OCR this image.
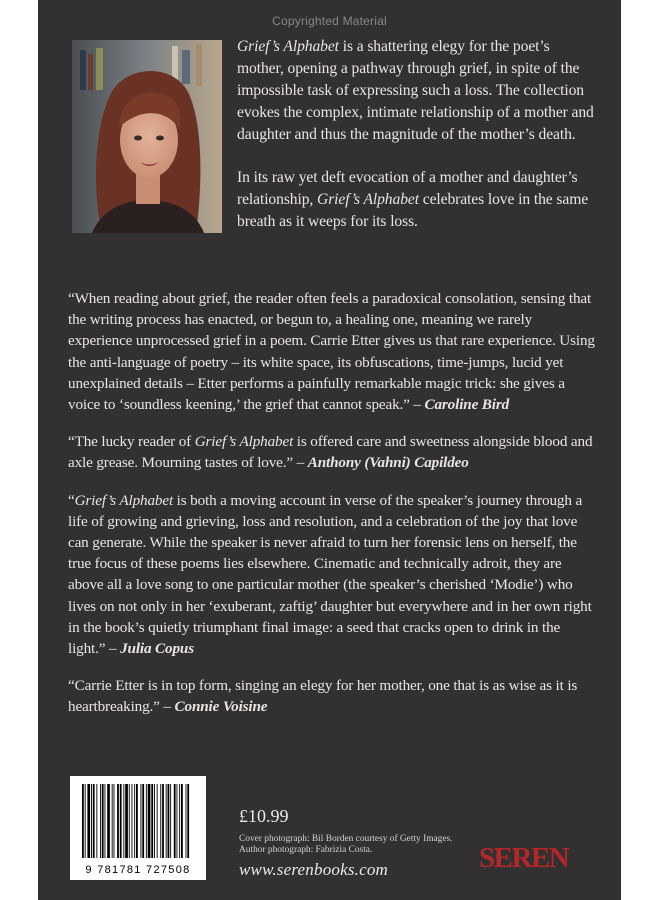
Copyrighted Material

Grief’s Alphabet is a shattering elegy for the poet’s mother, opening a pathway through grief, in spite of the impossible task of expressing such a loss. The collection evokes the complex, intimate relationship of a mother and daughter and thus the magnitude of the mother’s death.

In its raw yet deft evocation of a mother and daughter’s relationship, Grief’s Alphabet celebrates love in the same breath as it weeps for its loss.

“When reading about grief, the reader often feels a paradoxical consolation, sensing that the writing process has enacted, or begun to, a healing one, meaning we rarely experience unprocessed grief in a poem. Carrie Etter gives us that rare experience. Using the anti-language of poetry – its white space, its obfuscations, time-jumps, lucid yet unexplained details – Etter performs a painfully remarkable magic trick: she gives a voice to ‘soundless keening,’ the grief that cannot speak.” – Caroline Bird

“The lucky reader of Grief’s Alphabet is offered care and sweetness alongside blood and axle grease. Mourning tastes of love.” – Anthony (Vahni) Capildeo

“Grief’s Alphabet is both a moving account in verse of the speaker’s journey through a life of growing and grieving, loss and resolution, and a celebration of the joy that love can generate. While the speaker is never afraid to turn her forensic lens on herself, the true focus of these poems lies elsewhere. Cinematic and technically adroit, they are above all a love song to one particular mother (the speaker’s cherished ‘Modie’) who lives on not only in her ‘exuberant, zaftig’ daughter but everywhere and in her own right in the book’s quietly triumphant final image: a seed that cracks open to drink in the light.” – Julia Copus

“Carrie Etter is in top form, singing an elegy for her mother, one that is as wise as it is heartbreaking.” – Connie Voisine

9 781781 727508
£10.99
Cover photograph: Bil Borden courtesy of Getty Images.
Author photograph: Fabrizia Costa.
www.serenbooks.com	SEREN
